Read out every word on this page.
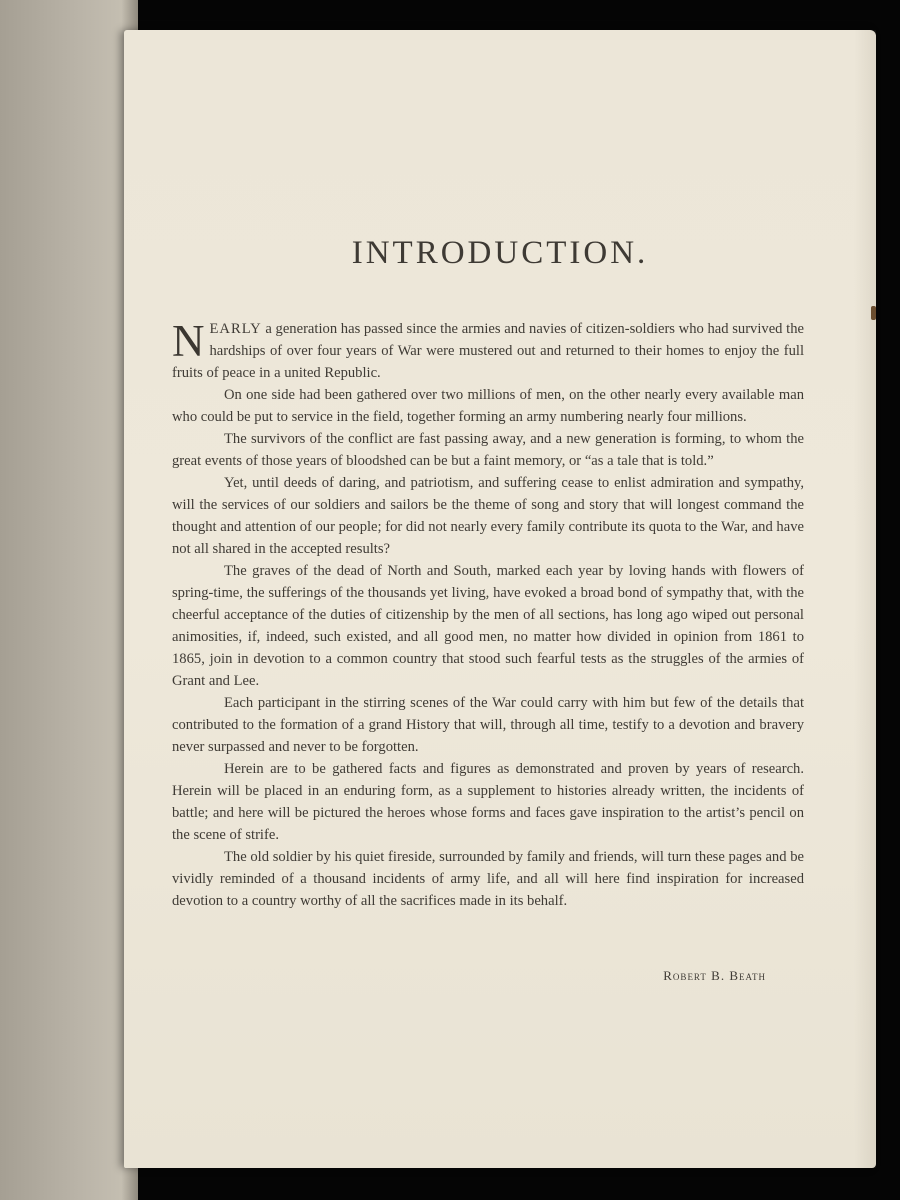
INTRODUCTION.

NEARLY a generation has passed since the armies and navies of citizen-soldiers who had survived the hardships of over four years of War were mustered out and returned to their homes to enjoy the full fruits of peace in a united Republic.

On one side had been gathered over two millions of men, on the other nearly every available man who could be put to service in the field, together forming an army numbering nearly four millions.

The survivors of the conflict are fast passing away, and a new generation is forming, to whom the great events of those years of bloodshed can be but a faint memory, or “as a tale that is told.”

Yet, until deeds of daring, and patriotism, and suffering cease to enlist admiration and sympathy, will the services of our soldiers and sailors be the theme of song and story that will longest command the thought and attention of our people; for did not nearly every family contribute its quota to the War, and have not all shared in the accepted results?

The graves of the dead of North and South, marked each year by loving hands with flowers of spring-time, the sufferings of the thousands yet living, have evoked a broad bond of sympathy that, with the cheerful acceptance of the duties of citizenship by the men of all sections, has long ago wiped out personal animosities, if, indeed, such existed, and all good men, no matter how divided in opinion from 1861 to 1865, join in devotion to a common country that stood such fearful tests as the struggles of the armies of Grant and Lee.

Each participant in the stirring scenes of the War could carry with him but few of the details that contributed to the formation of a grand History that will, through all time, testify to a devotion and bravery never surpassed and never to be forgotten.

Herein are to be gathered facts and figures as demonstrated and proven by years of research. Herein will be placed in an enduring form, as a supplement to histories already written, the incidents of battle; and here will be pictured the heroes whose forms and faces gave inspiration to the artist’s pencil on the scene of strife.

The old soldier by his quiet fireside, surrounded by family and friends, will turn these pages and be vividly reminded of a thousand incidents of army life, and all will here find inspiration for increased devotion to a country worthy of all the sacrifices made in its behalf.

Robert B. Beath
